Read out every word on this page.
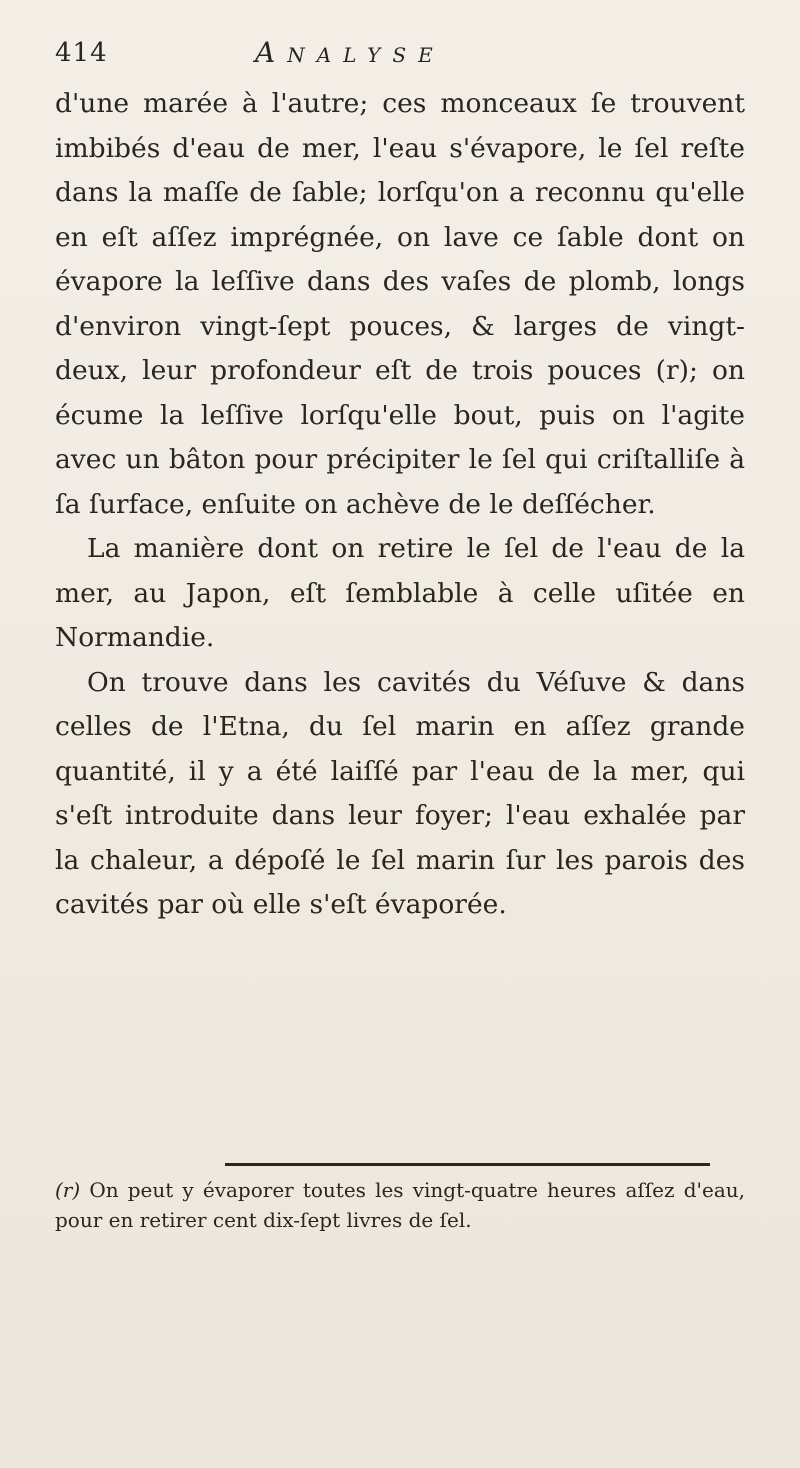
414	Analyse

d'une marée à l'autre; ces monceaux ſe trouvent imbibés d'eau de mer, l'eau s'évapore, le ſel reſte dans la maſſe de ſable; lorſqu'on a reconnu qu'elle en eſt aſſez imprégnée, on lave ce ſable dont on évapore la leſſive dans des vaſes de plomb, longs d'environ vingt-ſept pouces, & larges de vingt-deux, leur profondeur eſt de trois pouces (r); on écume la leſſive lorſqu'elle bout, puis on l'agite avec un bâton pour précipiter le ſel qui criſtalliſe à ſa ſurface, enſuite on achève de le deſſécher.

La manière dont on retire le ſel de l'eau de la mer, au Japon, eſt ſemblable à celle uſitée en Normandie.

On trouve dans les cavités du Véſuve & dans celles de l'Etna, du ſel marin en aſſez grande quantité, il y a été laiſſé par l'eau de la mer, qui s'eſt introduite dans leur foyer; l'eau exhalée par la chaleur, a dépoſé le ſel marin ſur les parois des cavités par où elle s'eſt évaporée.

(r) On peut y évaporer toutes les vingt-quatre heures aſſez d'eau, pour en retirer cent dix-ſept livres de ſel.
